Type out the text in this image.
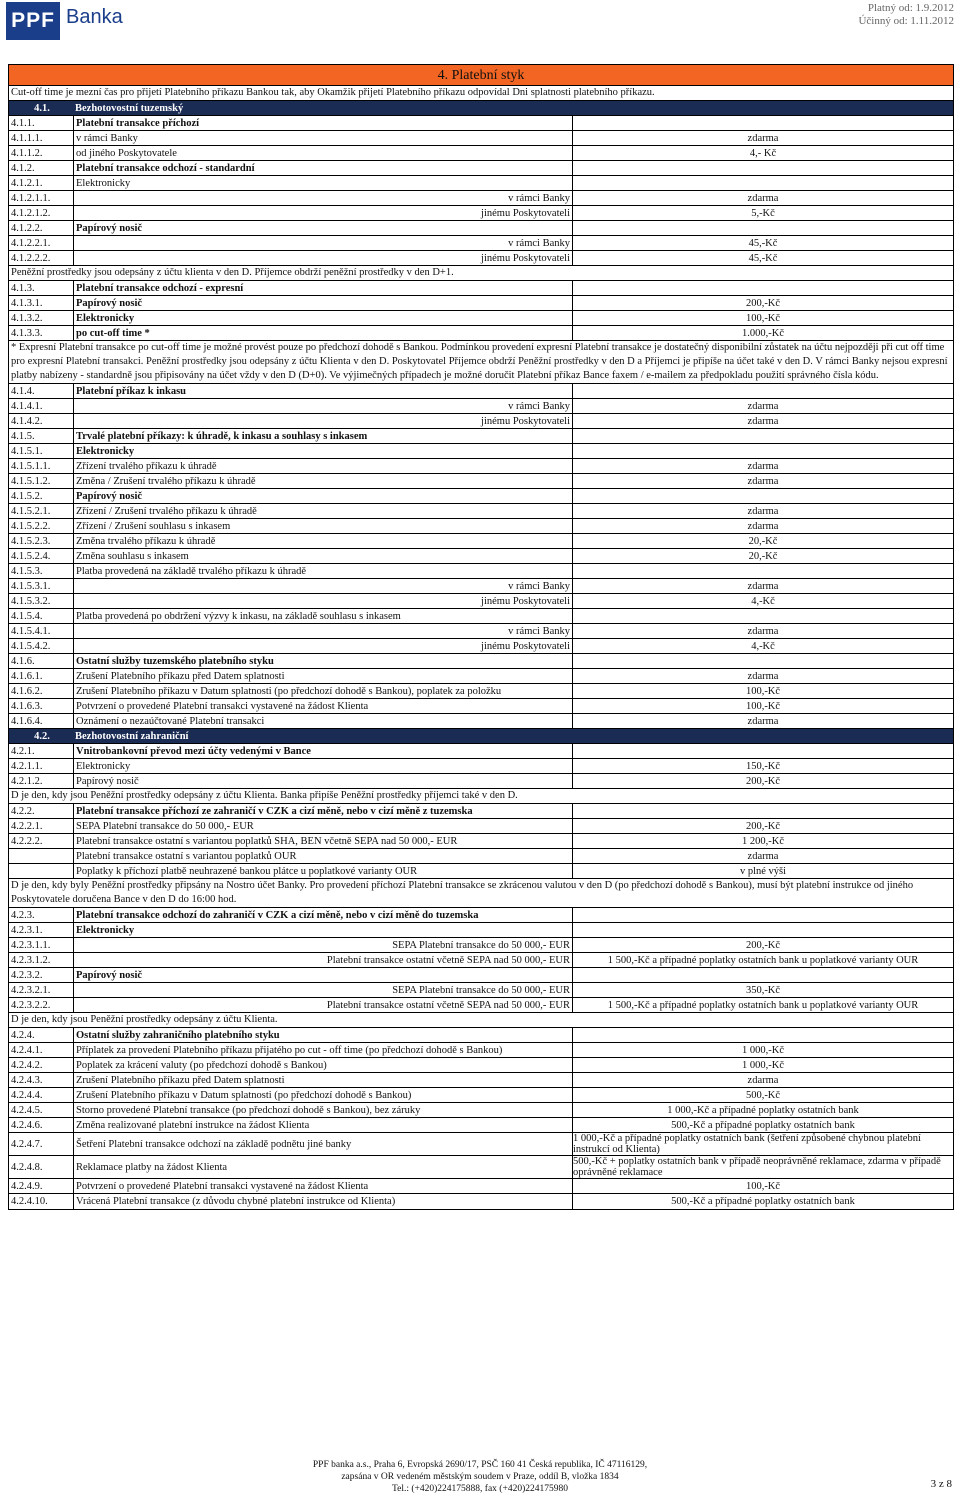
PPF Banka	Platný od: 1.9.2012
Účinný od: 1.11.2012
4. Platební styk
Cut-off time je mezní čas pro přijetí Platebního příkazu Bankou tak, aby Okamžik přijetí Platebního příkazu odpovídal Dni splatnosti platebního příkazu.
4.1.	Bezhotovostní tuzemský
4.1.1.	Platební transakce příchozí
4.1.1.1.	v rámci Banky	zdarma
4.1.1.2.	od jiného Poskytovatele	4,- Kč
4.1.2.	Platební transakce odchozí - standardní
4.1.2.1.	Elektronicky
4.1.2.1.1.	v rámci Banky	zdarma
4.1.2.1.2.	jinému Poskytovateli	5,-Kč
4.1.2.2.	Papírový nosič
4.1.2.2.1.	v rámci Banky	45,-Kč
4.1.2.2.2.	jinému Poskytovateli	45,-Kč
Peněžní prostředky jsou odepsány z účtu klienta v den D. Příjemce obdrží peněžní prostředky v den D+1.
4.1.3.	Platební transakce odchozí - expresní
4.1.3.1.	Papírový nosič	200,-Kč
4.1.3.2.	Elektronicky	100,-Kč
4.1.3.3.	po cut-off time *	1.000,-Kč
* Expresní Platební transakce po cut-off time je možné provést pouze po předchozí dohodě s Bankou. Podmínkou provedení expresní Platební transakce je dostatečný disponibilní zůstatek na účtu nejpozději při cut off time pro expresní Platební transakci. Peněžní prostředky jsou odepsány z účtu Klienta v den D. Poskytovatel Příjemce obdrží Peněžní prostředky v den D a Příjemci je připíše na účet také v den D. V rámci Banky nejsou expresní platby nabízeny - standardně jsou připisovány na účet vždy v den D (D+0). Ve výjimečných případech je možné doručit Platební příkaz Bance faxem / e-mailem za předpokladu použití správného čísla kódu.
4.1.4.	Platební příkaz k inkasu
4.1.4.1.	v rámci Banky	zdarma
4.1.4.2.	jinému Poskytovateli	zdarma
4.1.5.	Trvalé platební příkazy: k úhradě, k inkasu a souhlasy s inkasem
4.1.5.1.	Elektronicky
4.1.5.1.1.	Zřízení trvalého příkazu k úhradě	zdarma
4.1.5.1.2.	Změna / Zrušení trvalého příkazu k úhradě	zdarma
4.1.5.2.	Papírový nosič
4.1.5.2.1.	Zřízení / Zrušení trvalého příkazu k úhradě	zdarma
4.1.5.2.2.	Zřízení / Zrušení souhlasu s inkasem	zdarma
4.1.5.2.3.	Změna trvalého příkazu k úhradě	20,-Kč
4.1.5.2.4.	Změna souhlasu s inkasem	20,-Kč
4.1.5.3.	Platba provedená na základě trvalého příkazu k úhradě
4.1.5.3.1.	v rámci Banky	zdarma
4.1.5.3.2.	jinému Poskytovateli	4,-Kč
4.1.5.4.	Platba provedená po obdržení výzvy k inkasu, na základě souhlasu s inkasem
4.1.5.4.1.	v rámci Banky	zdarma
4.1.5.4.2.	jinému Poskytovateli	4,-Kč
4.1.6.	Ostatní služby tuzemského platebního styku
4.1.6.1.	Zrušení Platebního příkazu před Datem splatnosti	zdarma
4.1.6.2.	Zrušení Platebního příkazu v Datum splatnosti (po předchozí dohodě s Bankou), poplatek za položku	100,-Kč
4.1.6.3.	Potvrzení o provedené Platební transakci vystavené na žádost Klienta	100,-Kč
4.1.6.4.	Oznámení o nezaúčtované Platební transakci	zdarma
4.2.	Bezhotovostní zahraniční
4.2.1.	Vnitrobankovní převod mezi účty vedenými v Bance
4.2.1.1.	Elektronicky	150,-Kč
4.2.1.2.	Papírový nosič	200,-Kč
D je den, kdy jsou Peněžní prostředky odepsány z účtu Klienta. Banka připíše Peněžní prostředky příjemci také v den D.
4.2.2.	Platební transakce příchozí ze zahraničí v CZK a cizí měně, nebo v cizí měně z tuzemska
4.2.2.1.	SEPA Platební transakce do 50 000,- EUR	200,-Kč
4.2.2.2.	Platební transakce ostatní s variantou poplatků SHA, BEN včetně SEPA nad 50 000,- EUR	1 200,-Kč
Platební transakce ostatní s variantou poplatků OUR	zdarma
Poplatky k příchozí platbě neuhrazené bankou plátce u poplatkové varianty OUR	v plné výši
D je den, kdy byly Peněžní prostředky připsány na Nostro účet Banky. Pro provedení příchozí Platební transakce se zkrácenou valutou v den D (po předchozí dohodě s Bankou), musí být platební instrukce od jiného Poskytovatele doručena Bance v den D do 16:00 hod.
4.2.3.	Platební transakce odchozí do zahraničí v CZK a cizí měně, nebo v cizí měně do tuzemska
4.2.3.1.	Elektronicky
4.2.3.1.1.	SEPA Platební transakce do 50 000,- EUR	200,-Kč
4.2.3.1.2.	Platební transakce ostatní včetně SEPA nad 50 000,- EUR	1 500,-Kč a případné poplatky ostatních bank u poplatkové varianty OUR
4.2.3.2.	Papírový nosič
4.2.3.2.1.	SEPA Platební transakce do 50 000,- EUR	350,-Kč
4.2.3.2.2.	Platební transakce ostatní včetně SEPA nad 50 000,- EUR	1 500,-Kč a případné poplatky ostatních bank u poplatkové varianty OUR
D je den, kdy jsou Peněžní prostředky odepsány z účtu Klienta.
4.2.4.	Ostatní služby zahraničního platebního styku
4.2.4.1.	Příplatek za provedení Platebního příkazu přijatého po cut - off time (po předchozí dohodě s Bankou)	1 000,-Kč
4.2.4.2.	Poplatek za krácení valuty (po předchozí dohodě s Bankou)	1 000,-Kč
4.2.4.3.	Zrušení Platebního příkazu před Datem splatnosti	zdarma
4.2.4.4.	Zrušení Platebního příkazu v Datum splatnosti (po předchozí dohodě s Bankou)	500,-Kč
4.2.4.5.	Storno provedené Platební transakce (po předchozí dohodě s Bankou), bez záruky	1 000,-Kč a případné poplatky ostatních bank
4.2.4.6.	Změna realizované platební instrukce na žádost Klienta	500,-Kč a případné poplatky ostatních bank
4.2.4.7.	Šetření Platební transakce odchozí na základě podnětu jiné banky	1 000,-Kč a případné poplatky ostatních bank (šetření způsobené chybnou platební instrukcí od Klienta)
4.2.4.8.	Reklamace platby na žádost Klienta	500,-Kč + poplatky ostatních bank v případě neoprávněné reklamace, zdarma v případě oprávněné reklamace
4.2.4.9.	Potvrzení o provedené Platební transakci vystavené na žádost Klienta	100,-Kč
4.2.4.10.	Vrácená Platební transakce (z důvodu chybné platební instrukce od Klienta)	500,-Kč a případné poplatky ostatních bank
PPF banka a.s., Praha 6, Evropská 2690/17, PSČ 160 41 Česká republika, IČ 47116129,
zapsána v OR vedeném městským soudem v Praze, oddíl B, vložka 1834
Tel.: (+420)224175888, fax (+420)224175980	3 z 8
